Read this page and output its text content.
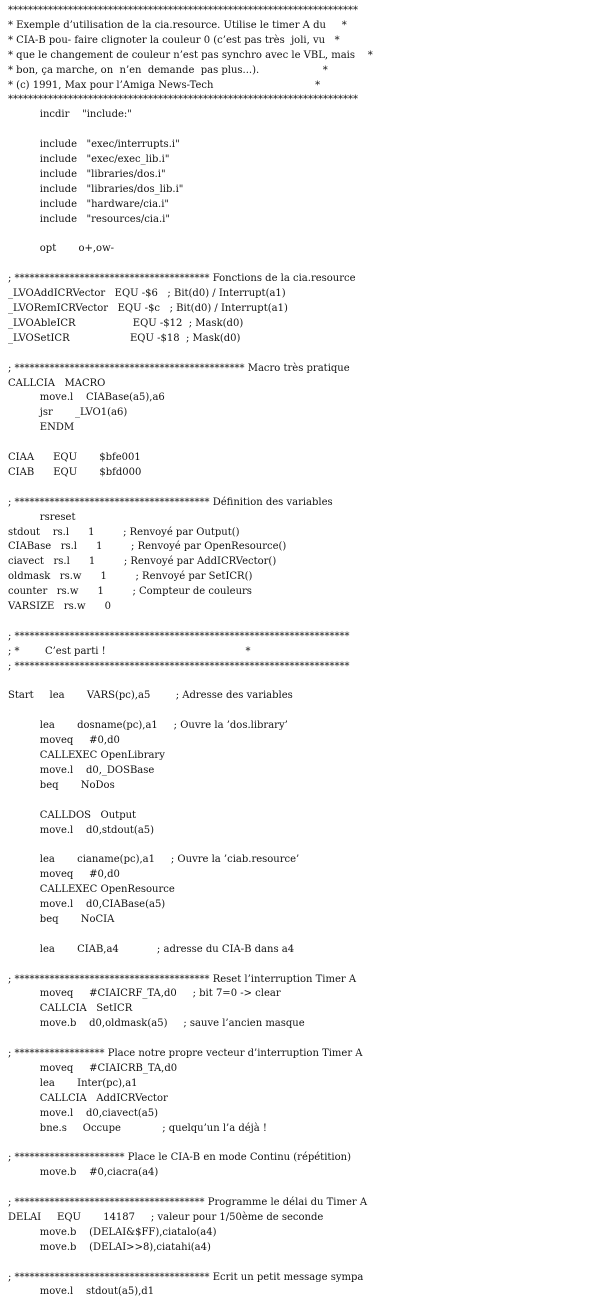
**********************************************************************
* Exemple d’utilisation de la cia.resource. Utilise le timer A du     *
* CIA-B pou- faire clignoter la couleur 0 (c’est pas très  joli, vu   *
* que le changement de couleur n’est pas synchro avec le VBL, mais    *
* bon, ça marche, on  n’en  demande  pas plus...).                    *
* (c) 1991, Max pour l’Amiga News-Tech                                *
**********************************************************************
incdir    "include:"
include   "exec/interrupts.i"
include   "exec/exec_lib.i"
include   "libraries/dos.i"
include   "libraries/dos_lib.i"
include   "hardware/cia.i"
include   "resources/cia.i"
opt       o+,ow-
; *************************************** Fonctions de la cia.resource
_LVOAddICRVector   EQU -$6   ; Bit(d0) / Interrupt(a1)
_LVORemICRVector   EQU -$c   ; Bit(d0) / Interrupt(a1)
_LVOAbleICR                  EQU -$12  ; Mask(d0)
_LVOSetICR                   EQU -$18  ; Mask(d0)
; ********************************************** Macro très pratique
CALLCIA   MACRO
move.l    CIABase(a5),a6
jsr       _LVO1(a6)
ENDM
CIAA      EQU       $bfe001
CIAB      EQU       $bfd000
; *************************************** Définition des variables
rsreset
stdout    rs.l      1         ; Renvoyé par Output()
CIABase   rs.l      1         ; Renvoyé par OpenResource()
ciavect   rs.l      1         ; Renvoyé par AddICRVector()
oldmask   rs.w      1         ; Renvoyé par SetICR()
counter   rs.w      1         ; Compteur de couleurs
VARSIZE   rs.w      0
; *******************************************************************
; *        C’est parti !                                            *
; *******************************************************************
Start     lea       VARS(pc),a5        ; Adresse des variables
lea       dosname(pc),a1     ; Ouvre la ’dos.library’
moveq     #0,d0
CALLEXEC OpenLibrary
move.l    d0,_DOSBase
beq       NoDos
CALLDOS   Output
move.l    d0,stdout(a5)
lea       cianame(pc),a1     ; Ouvre la ’ciab.resource’
moveq     #0,d0
CALLEXEC OpenResource
move.l    d0,CIABase(a5)
beq       NoCIA
lea       CIAB,a4            ; adresse du CIA-B dans a4
; *************************************** Reset l’interruption Timer A
moveq     #CIAICRF_TA,d0     ; bit 7=0 -> clear
CALLCIA   SetICR
move.b    d0,oldmask(a5)     ; sauve l’ancien masque
; ****************** Place notre propre vecteur d’interruption Timer A
moveq     #CIAICRB_TA,d0
lea       Inter(pc),a1
CALLCIA   AddICRVector
move.l    d0,ciavect(a5)
bne.s     Occupe             ; quelqu’un l’a déjà !
; ********************** Place le CIA-B en mode Continu (répétition)
move.b    #0,ciacra(a4)
; ************************************** Programme le délai du Timer A
DELAI     EQU       14187     ; valeur pour 1/50ème de seconde
move.b    (DELAI&$FF),ciatalo(a4)
move.b    (DELAI>>8),ciatahi(a4)
; *************************************** Ecrit un petit message sympa
move.l    stdout(a5),d1
